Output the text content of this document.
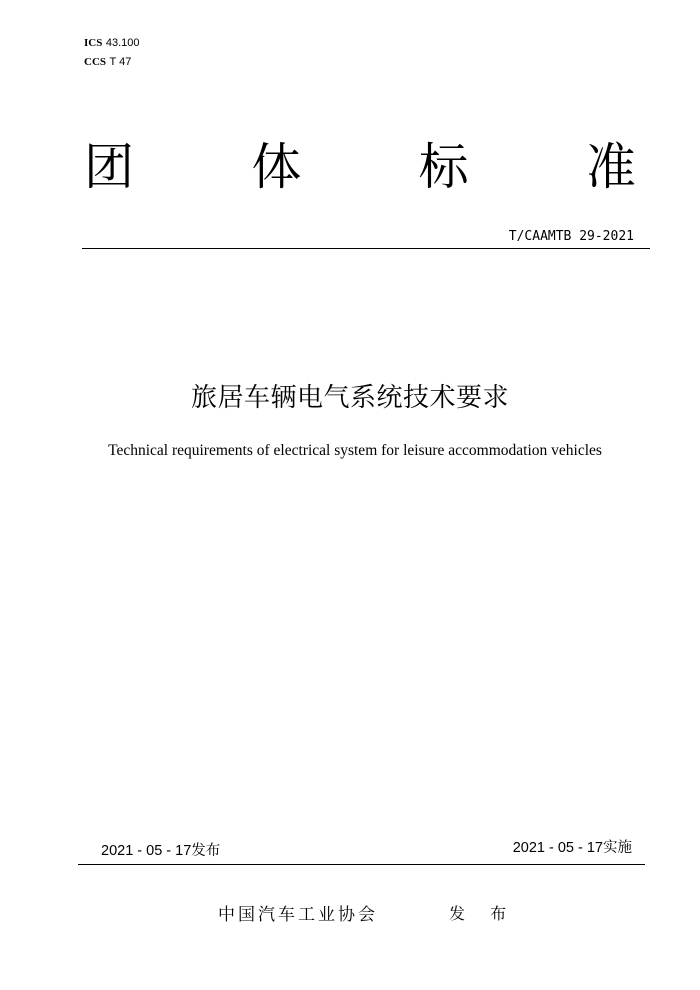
ICS 43.100
CCS T 47
团 体 标 准
T/CAAMTB 29-2021
旅居车辆电气系统技术要求
Technical requirements of electrical system for leisure accommodation vehicles
2021 - 05 - 17发布	2021 - 05 - 17实施
中国汽车工业协会	发 布
